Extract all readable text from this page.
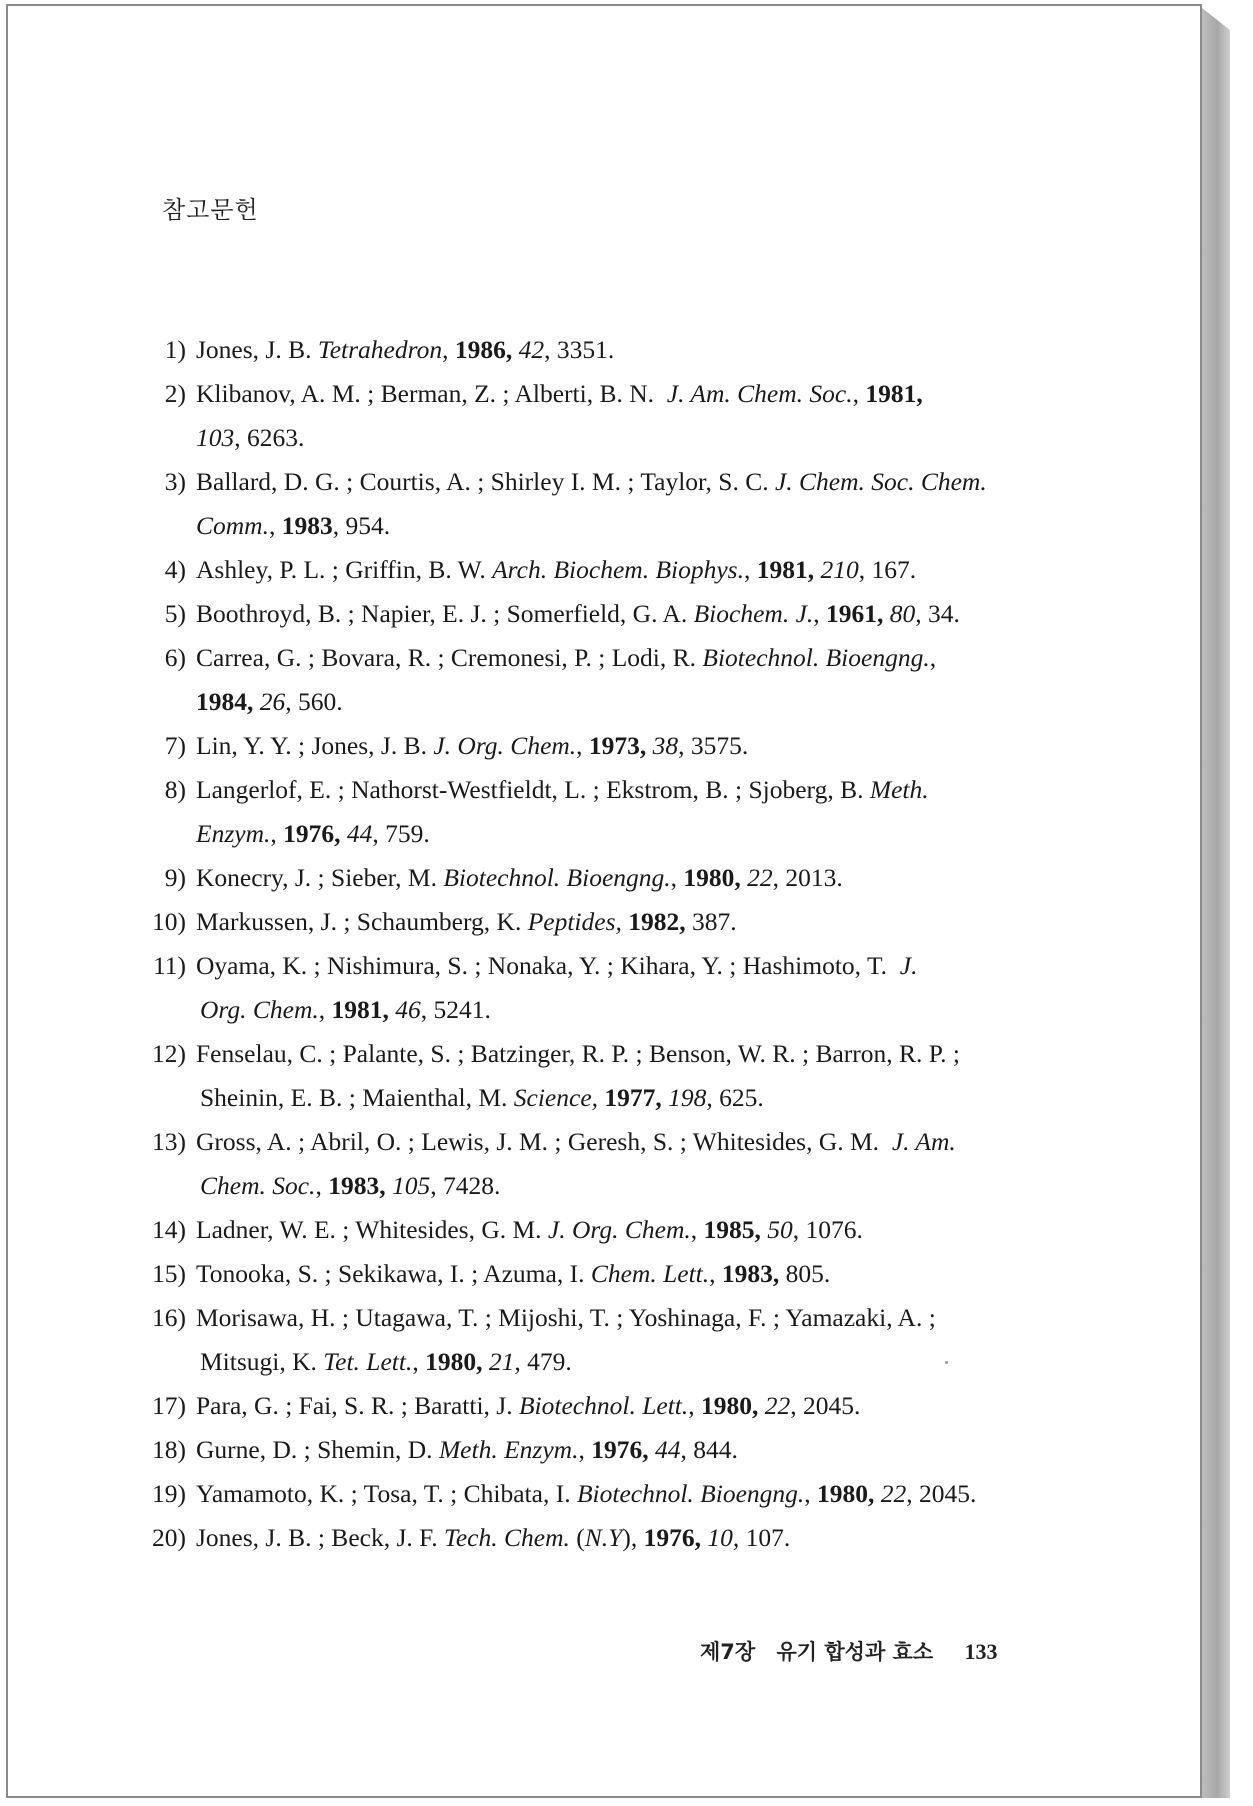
참고문헌
1) Jones, J. B. Tetrahedron, 1986, 42, 3351.
2) Klibanov, A. M. ; Berman, Z. ; Alberti, B. N.  J. Am. Chem. Soc., 1981,
103, 6263.
3) Ballard, D. G. ; Courtis, A. ; Shirley I. M. ; Taylor, S. C. J. Chem. Soc. Chem.
Comm., 1983, 954.
4) Ashley, P. L. ; Griffin, B. W. Arch. Biochem. Biophys., 1981, 210, 167.
5) Boothroyd, B. ; Napier, E. J. ; Somerfield, G. A. Biochem. J., 1961, 80, 34.
6) Carrea, G. ; Bovara, R. ; Cremonesi, P. ; Lodi, R. Biotechnol. Bioengng.,
1984, 26, 560.
7) Lin, Y. Y. ; Jones, J. B. J. Org. Chem., 1973, 38, 3575.
8) Langerlof, E. ; Nathorst-Westfieldt, L. ; Ekstrom, B. ; Sjoberg, B. Meth.
Enzym., 1976, 44, 759.
9) Konecry, J. ; Sieber, M. Biotechnol. Bioengng., 1980, 22, 2013.
10) Markussen, J. ; Schaumberg, K. Peptides, 1982, 387.
11) Oyama, K. ; Nishimura, S. ; Nonaka, Y. ; Kihara, Y. ; Hashimoto, T.  J.
Org. Chem., 1981, 46, 5241.
12) Fenselau, C. ; Palante, S. ; Batzinger, R. P. ; Benson, W. R. ; Barron, R. P. ;
Sheinin, E. B. ; Maienthal, M. Science, 1977, 198, 625.
13) Gross, A. ; Abril, O. ; Lewis, J. M. ; Geresh, S. ; Whitesides, G. M.  J. Am.
Chem. Soc., 1983, 105, 7428.
14) Ladner, W. E. ; Whitesides, G. M. J. Org. Chem., 1985, 50, 1076.
15) Tonooka, S. ; Sekikawa, I. ; Azuma, I. Chem. Lett., 1983, 805.
16) Morisawa, H. ; Utagawa, T. ; Mijoshi, T. ; Yoshinaga, F. ; Yamazaki, A. ;
Mitsugi, K. Tet. Lett., 1980, 21, 479.
17) Para, G. ; Fai, S. R. ; Baratti, J. Biotechnol. Lett., 1980, 22, 2045.
18) Gurne, D. ; Shemin, D. Meth. Enzym., 1976, 44, 844.
19) Yamamoto, K. ; Tosa, T. ; Chibata, I. Biotechnol. Bioengng., 1980, 22, 2045.
20) Jones, J. B. ; Beck, J. F. Tech. Chem. (N.Y), 1976, 10, 107.
제7장 유기 합성과 효소 133
